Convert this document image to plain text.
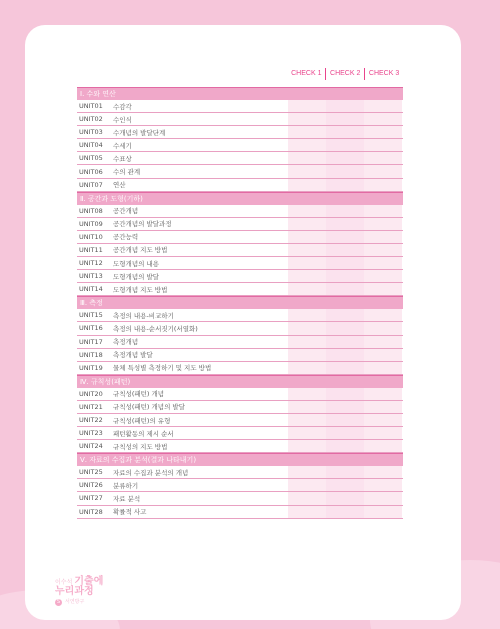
CHECK 1	CHECK 2	CHECK 3
Ⅰ. 수와 연산
UNIT01	수감각
UNIT02	수인식
UNIT03	수개념의 발달단계
UNIT04	수세기
UNIT05	수표상
UNIT06	수의 관계
UNIT07	연산
Ⅱ. 공간과 도형(기하)
UNIT08	공간개념
UNIT09	공간개념의 발달과정
UNIT10	공간능력
UNIT11	공간개념 지도 방법
UNIT12	도형개념의 내용
UNIT13	도형개념의 발달
UNIT14	도형개념 지도 방법
Ⅲ. 측정
UNIT15	측정의 내용-비교하기
UNIT16	측정의 내용-순서짓기(서열화)
UNIT17	측정개념
UNIT18	측정개념 발달
UNIT19	물체 특성별 측정하기 및 지도 방법
Ⅳ. 규칙성(패턴)
UNIT20	규칙성(패턴) 개념
UNIT21	규칙성(패턴) 개념의 발달
UNIT22	규칙성(패턴)의 유형
UNIT23	패턴활동의 제시 순서
UNIT24	규칙성의 지도 방법
Ⅴ. 자료의 수집과 분석(결과 나타내기)
UNIT25	자료의 수집과 분석의 개념
UNIT26	분류하기
UNIT27	자료 분석
UNIT28	확률적 사고
이수석 기출에
누리과정
S 서연방구
